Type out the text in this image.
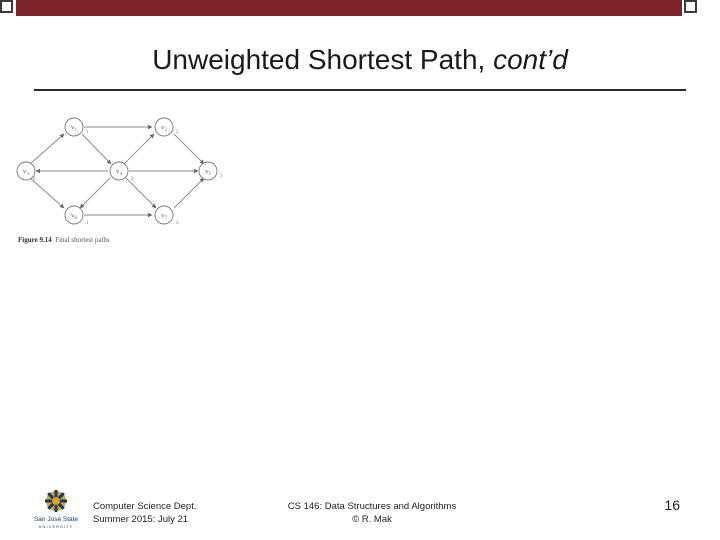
Unweighted Shortest Path, cont’d
$v_1$	$v_2$
$v_3$	$v_4$	$v_5$
$v_6$	$v_7$
1	2
0	2
3
1	3
Figure 9.14 Final shortest paths
San José State
UNIVERSITY
Computer Science Dept.
Summer 2015: July 21
CS 146: Data Structures and Algorithms
© R. Mak
16
